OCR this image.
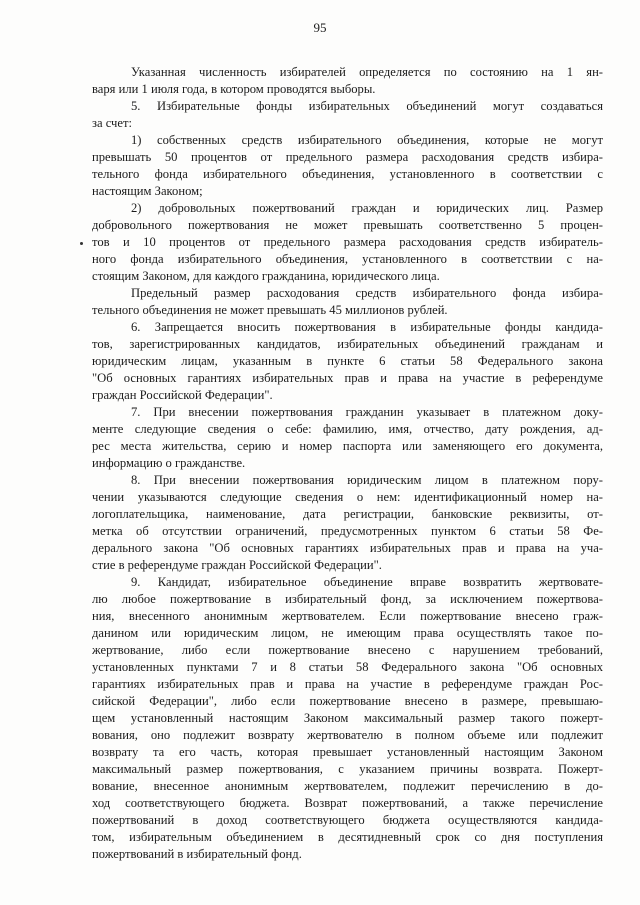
95
Указанная численность избирателей определяется по состоянию на 1 ян-
варя или 1 июля года, в котором проводятся выборы.
5. Избирательные фонды избирательных объединений могут создаваться
за счет:
1) собственных средств избирательного объединения, которые не могут
превышать 50 процентов от предельного размера расходования средств избира-
тельного фонда избирательного объединения, установленного в соответствии с
настоящим Законом;
2) добровольных пожертвований граждан и юридических лиц. Размер
добровольного пожертвования не может превышать соответственно 5 процен-
тов и 10 процентов от предельного размера расходования средств избиратель-
ного фонда избирательного объединения, установленного в соответствии с на-
стоящим Законом, для каждого гражданина, юридического лица.
Предельный размер расходования средств избирательного фонда избира-
тельного объединения не может превышать 45 миллионов рублей.
6. Запрещается вносить пожертвования в избирательные фонды кандида-
тов, зарегистрированных кандидатов, избирательных объединений гражданам и
юридическим лицам, указанным в пункте 6 статьи 58 Федерального закона
"Об основных гарантиях избирательных прав и права на участие в референдуме
граждан Российской Федерации".
7. При внесении пожертвования гражданин указывает в платежном доку-
менте следующие сведения о себе: фамилию, имя, отчество, дату рождения, ад-
рес места жительства, серию и номер паспорта или заменяющего его документа,
информацию о гражданстве.
8. При внесении пожертвования юридическим лицом в платежном пору-
чении указываются следующие сведения о нем: идентификационный номер на-
логоплательщика, наименование, дата регистрации, банковские реквизиты, от-
метка об отсутствии ограничений, предусмотренных пунктом 6 статьи 58 Фе-
дерального закона "Об основных гарантиях избирательных прав и права на уча-
стие в референдуме граждан Российской Федерации".
9. Кандидат, избирательное объединение вправе возвратить жертвовате-
лю любое пожертвование в избирательный фонд, за исключением пожертвова-
ния, внесенного анонимным жертвователем. Если пожертвование внесено граж-
данином или юридическим лицом, не имеющим права осуществлять такое по-
жертвование, либо если пожертвование внесено с нарушением требований,
установленных пунктами 7 и 8 статьи 58 Федерального закона "Об основных
гарантиях избирательных прав и права на участие в референдуме граждан Рос-
сийской Федерации", либо если пожертвование внесено в размере, превышаю-
щем установленный настоящим Законом максимальный размер такого пожерт-
вования, оно подлежит возврату жертвователю в полном объеме или подлежит
возврату та его часть, которая превышает установленный настоящим Законом
максимальный размер пожертвования, с указанием причины возврата. Пожерт-
вование, внесенное анонимным жертвователем, подлежит перечислению в до-
ход соответствующего бюджета. Возврат пожертвований, а также перечисление
пожертвований в доход соответствующего бюджета осуществляются кандида-
том, избирательным объединением в десятидневный срок со дня поступления
пожертвований в избирательный фонд.
